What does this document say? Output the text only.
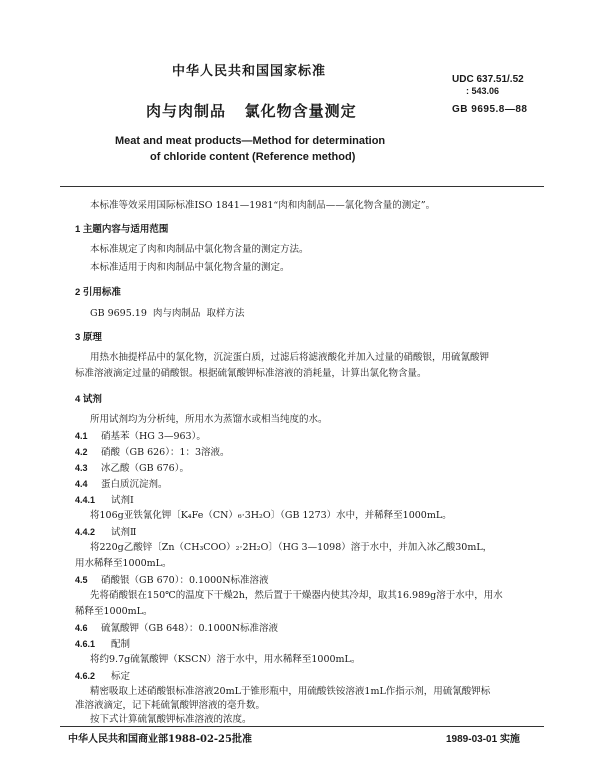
中华人民共和国国家标准
UDC 637.51/.52
: 543.06
肉与肉制品   氯化物含量测定	GB 9695.8—88
Meat and meat products—Method for determination
of chloride content (Reference method)
本标准等效采用国际标准ISO 1841—1981“肉和肉制品——氯化物含量的测定”。
1 主题内容与适用范围
本标准规定了肉和肉制品中氯化物含量的测定方法。
本标准适用于肉和肉制品中氯化物含量的测定。
2 引用标准
GB 9695.19  肉与肉制品  取样方法
3 原理
用热水抽提样品中的氯化物，沉淀蛋白质，过滤后将滤液酸化并加入过量的硝酸银，用硫氰酸钾
标准溶液滴定过量的硝酸银。根据硫氰酸钾标准溶液的消耗量，计算出氯化物含量。
4 试剂
所用试剂均为分析纯，所用水为蒸馏水或相当纯度的水。
4.1 硝基苯（HG 3—963）。
4.2 硝酸（GB 626）：1：3溶液。
4.3 冰乙酸（GB 676）。
4.4 蛋白质沉淀剂。
4.4.1 试剂Ⅰ
将106g亚铁氰化钾〔K₄Fe（CN）₆·3H₂O〕（GB 1273）水中，并稀释至1000mL。
4.4.2 试剂Ⅱ
将220g乙酸锌〔Zn（CH₃COO）₂·2H₂O〕（HG 3—1098）溶于水中，并加入冰乙酸30mL，
用水稀释至1000mL。
4.5 硝酸银（GB 670）：0.1000N标准溶液
先将硝酸银在150℃的温度下干燥2h，然后置于干燥器内使其冷却，取其16.989g溶于水中，用水
稀释至1000mL。
4.6 硫氰酸钾（GB 648）：0.1000N标准溶液
4.6.1 配制
将约9.7g硫氰酸钾（KSCN）溶于水中，用水稀释至1000mL。
4.6.2 标定
精密吸取上述硝酸银标准溶液20mL于锥形瓶中，用硫酸铁铵溶液1mL作指示剂，用硫氰酸钾标
准溶液滴定，记下耗硫氰酸钾溶液的毫升数。
按下式计算硫氰酸钾标准溶液的浓度。
中华人民共和国商业部1988-02-25批准	1989-03-01 实施
